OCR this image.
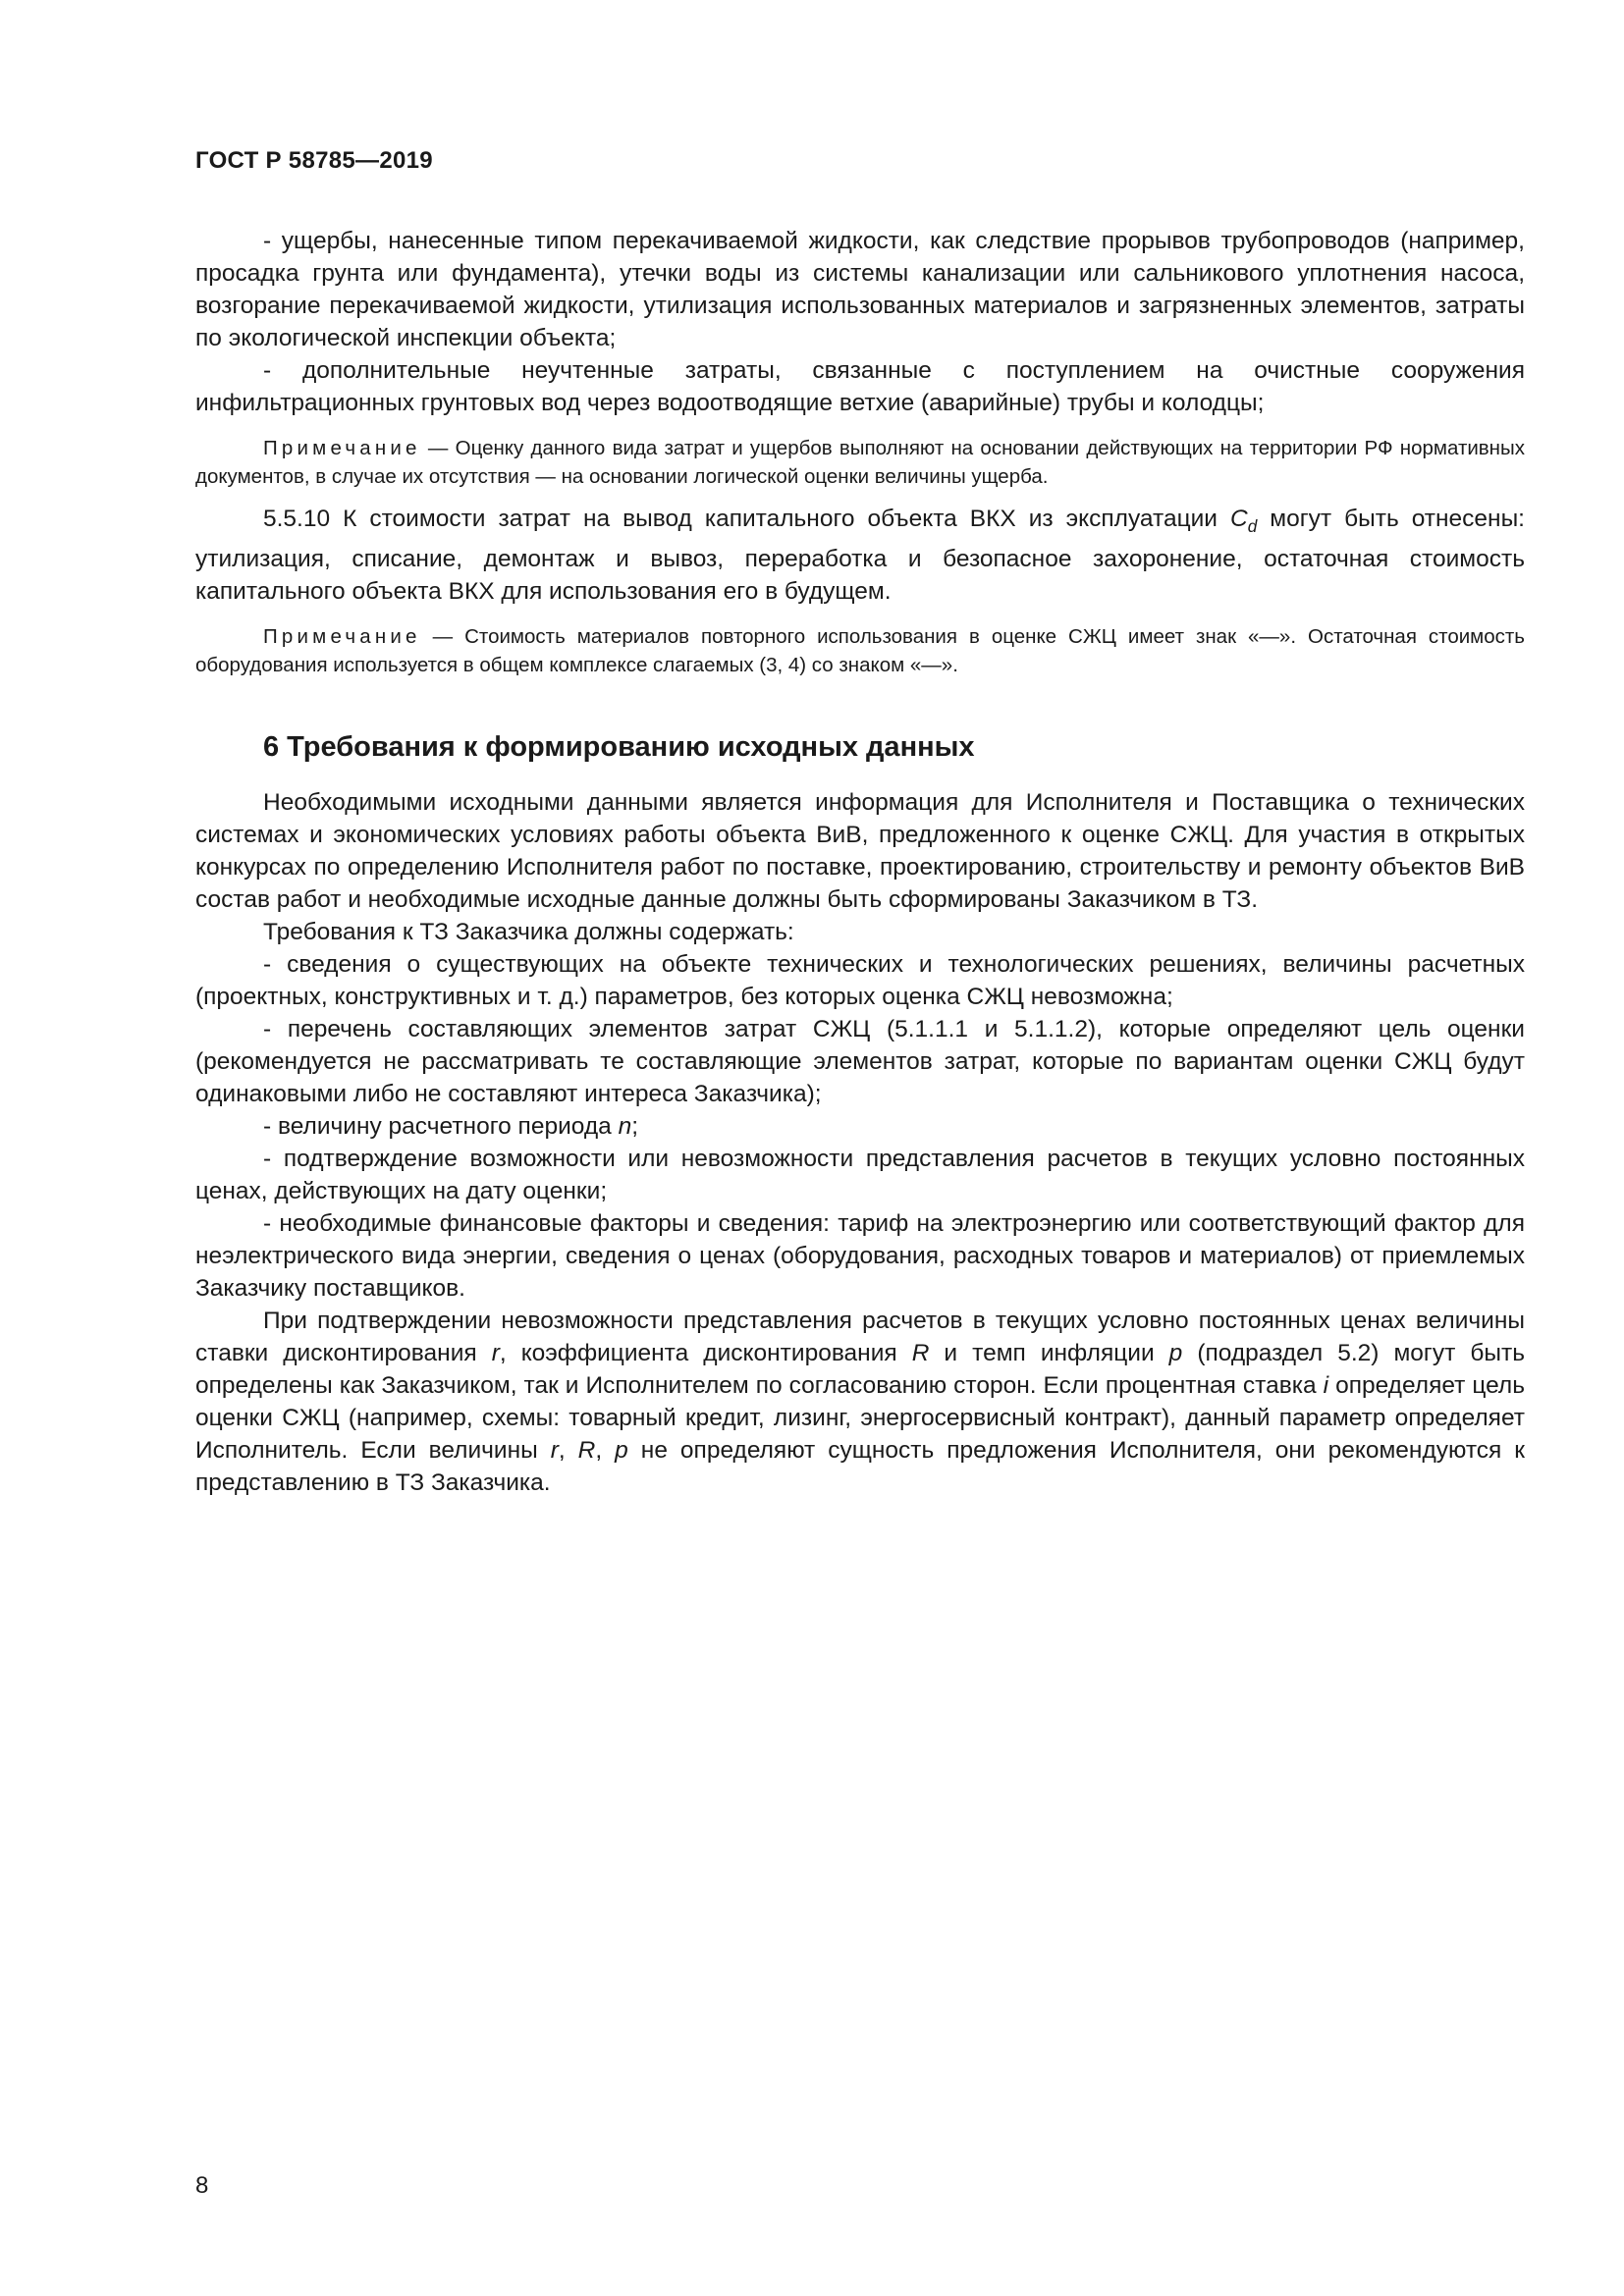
ГОСТ Р 58785—2019

- ущербы, нанесенные типом перекачиваемой жидкости, как следствие прорывов трубопроводов (например, просадка грунта или фундамента), утечки воды из системы канализации или сальникового уплотнения насоса, возгорание перекачиваемой жидкости, утилизация использованных материалов и загрязненных элементов, затраты по экологической инспекции объекта;

- дополнительные неучтенные затраты, связанные с поступлением на очистные сооружения инфильтрационных грунтовых вод через водоотводящие ветхие (аварийные) трубы и колодцы;

Примечание — Оценку данного вида затрат и ущербов выполняют на основании действующих на территории РФ нормативных документов, в случае их отсутствия — на основании логической оценки величины ущерба.

5.5.10 К стоимости затрат на вывод капитального объекта ВКХ из эксплуатации $C_d$ могут быть отнесены: утилизация, списание, демонтаж и вывоз, переработка и безопасное захоронение, остаточная стоимость капитального объекта ВКХ для использования его в будущем.

Примечание — Стоимость материалов повторного использования в оценке СЖЦ имеет знак «—». Остаточная стоимость оборудования используется в общем комплексе слагаемых (3, 4) со знаком «—».

6 Требования к формированию исходных данных

Необходимыми исходными данными является информация для Исполнителя и Поставщика о технических системах и экономических условиях работы объекта ВиВ, предложенного к оценке СЖЦ. Для участия в открытых конкурсах по определению Исполнителя работ по поставке, проектированию, строительству и ремонту объектов ВиВ состав работ и необходимые исходные данные должны быть сформированы Заказчиком в ТЗ.

Требования к ТЗ Заказчика должны содержать:

- сведения о существующих на объекте технических и технологических решениях, величины расчетных (проектных, конструктивных и т. д.) параметров, без которых оценка СЖЦ невозможна;

- перечень составляющих элементов затрат СЖЦ (5.1.1.1 и 5.1.1.2), которые определяют цель оценки (рекомендуется не рассматривать те составляющие элементов затрат, которые по вариантам оценки СЖЦ будут одинаковыми либо не составляют интереса Заказчика);

- величину расчетного периода n;

- подтверждение возможности или невозможности представления расчетов в текущих условно постоянных ценах, действующих на дату оценки;

- необходимые финансовые факторы и сведения: тариф на электроэнергию или соответствующий фактор для неэлектрического вида энергии, сведения о ценах (оборудования, расходных товаров и материалов) от приемлемых Заказчику поставщиков.

При подтверждении невозможности представления расчетов в текущих условно постоянных ценах величины ставки дисконтирования r, коэффициента дисконтирования R и темп инфляции p (подраздел 5.2) могут быть определены как Заказчиком, так и Исполнителем по согласованию сторон. Если процентная ставка i определяет цель оценки СЖЦ (например, схемы: товарный кредит, лизинг, энергосервисный контракт), данный параметр определяет Исполнитель. Если величины r, R, p не определяют сущность предложения Исполнителя, они рекомендуются к представлению в ТЗ Заказчика.

8
